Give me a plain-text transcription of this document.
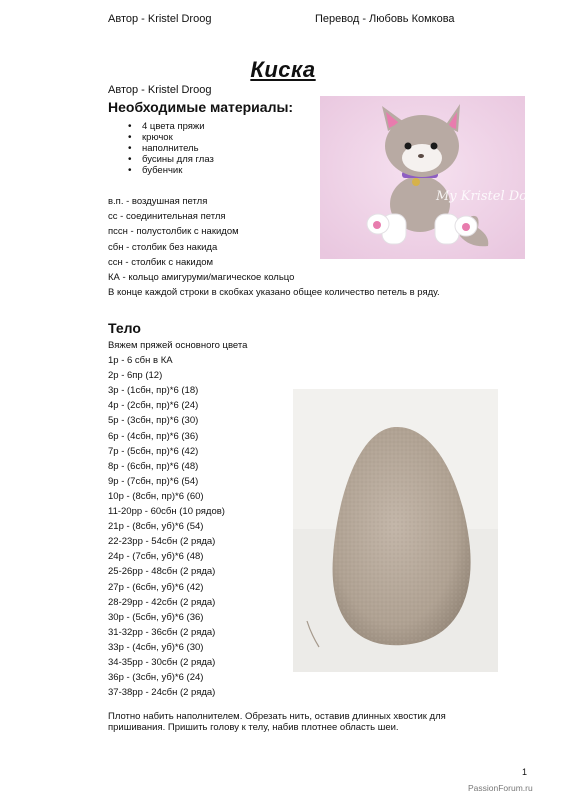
Автор - Kristel Droog	Перевод - Любовь Комкова
Киска
Автор - Kristel Droog
Необходимые материалы:
• 4 цвета пряжи
• крючок
• наполнитель
• бусины для глаз
• бубенчик
в.п. - воздушная петля
сс - соединительная петля
пссн - полустолбик с накидом
сбн - столбик без накида
ссн - столбик с накидом
КА - кольцо амигуруми/магическое кольцо
В конце каждой строки в скобках указано общее количество петель в ряду.
My Kristel Dolls
Тело
Вяжем пряжей основного цвета
1р - 6 сбн в КА
2р - 6пр (12)
3р - (1сбн, пр)*6 (18)
4р - (2сбн, пр)*6 (24)
5р - (3сбн, пр)*6 (30)
6р - (4сбн, пр)*6 (36)
7р - (5сбн, пр)*6 (42)
8р - (6сбн, пр)*6 (48)
9р - (7сбн, пр)*6 (54)
10р - (8сбн, пр)*6 (60)
11-20рр - 60сбн (10 рядов)
21р - (8сбн, уб)*6 (54)
22-23рр - 54сбн (2 ряда)
24р - (7сбн, уб)*6 (48)
25-26рр - 48сбн (2 ряда)
27р - (6сбн, уб)*6 (42)
28-29рр - 42сбн (2 ряда)
30р - (5сбн, уб)*6 (36)
31-32рр - 36сбн (2 ряда)
33р - (4сбн, уб)*6 (30)
34-35рр - 30сбн (2 ряда)
36р - (3сбн, уб)*6 (24)
37-38рр - 24сбн (2 ряда)
Плотно набить наполнителем. Обрезать нить, оставив длинных хвостик для пришивания. Пришить голову к телу, набив плотнее область шеи.
1
PassionForum.ru
